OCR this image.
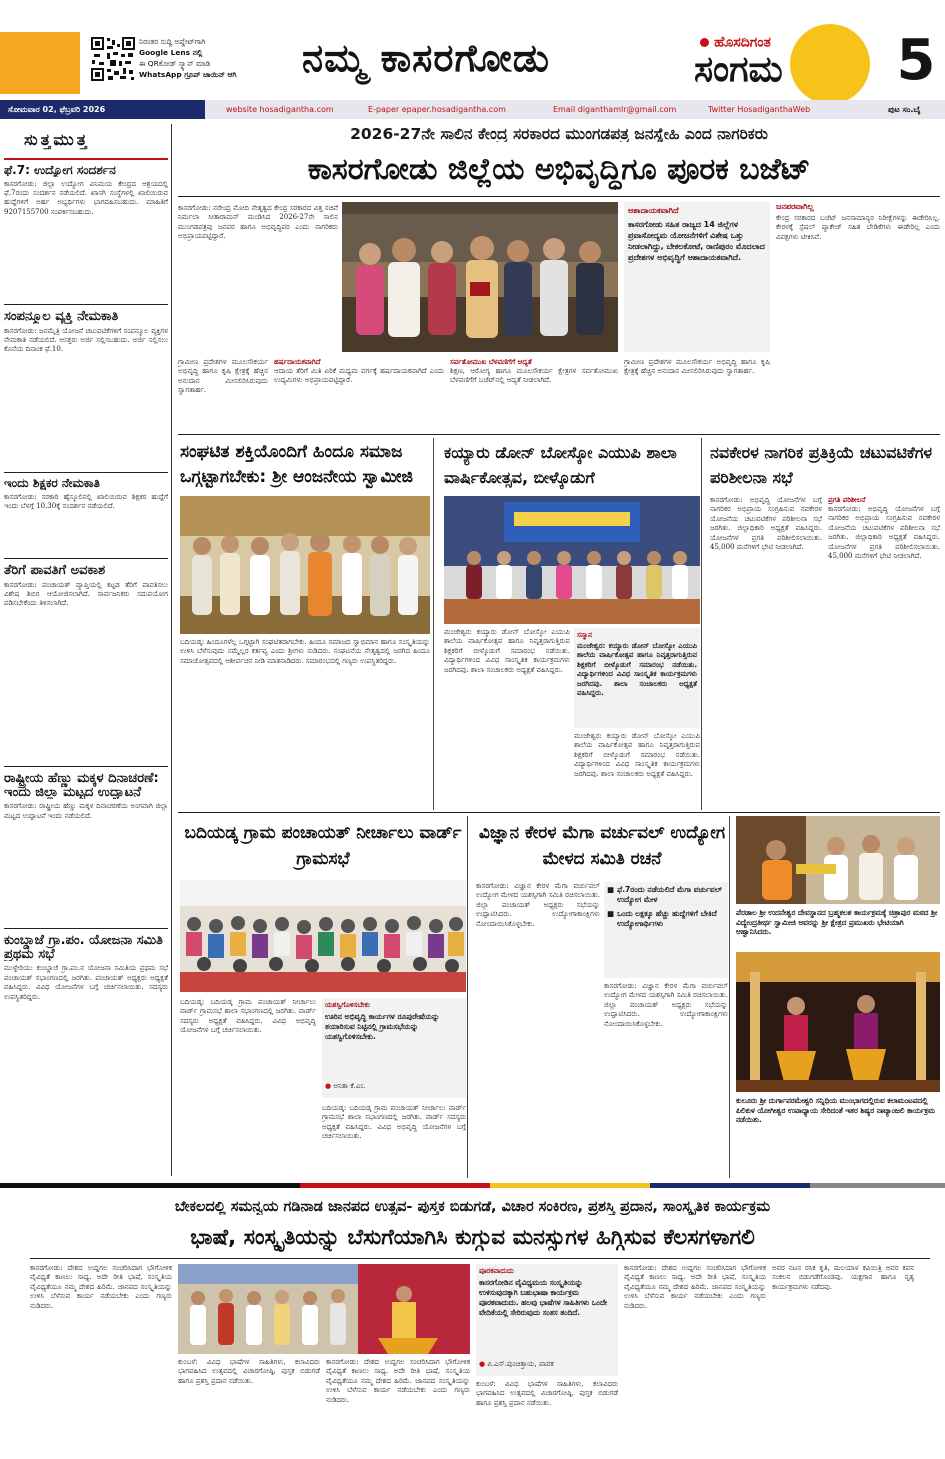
ನಿರಂತರ ಸುದ್ದಿ ಅಪ್ಡೇಟ್‌ಗಾಗಿ
Google Lens ನಲ್ಲಿ
ಈ QR‌ಕೋಡ್ ಸ್ಕ್ಯಾನ್ ಮಾಡಿ
WhatsApp ಗ್ರೂಪ್ ಜಾಯಿನ್ ಆಗಿ	ನಮ್ಮ ಕಾಸರಗೋಡು	ಹೊಸದಿಗಂತ
ಸಂಗಮ 5
ಸೋಮವಾರ 02, ಫೆಬ್ರವರಿ 2026	website hosadigantha.com	E-paper epaper.hosadigantha.com	Email diganthamlr@gmail.com	Twitter HosadiganthaWeb	ಪುಟ ಸಂ.ಬೈ
ಸುತ್ತಮುತ್ತ
ಫೆ.7: ಉದ್ಯೋಗ ಸಂದರ್ಶನ
ಕಾಸರಗೋಡು: ಜಿಲ್ಲಾ ಉದ್ಯೋಗ ವಿನಿಮಯ ಕೇಂದ್ರದ ಆಶ್ರಯದಲ್ಲಿ ಫೆ.7ರಂದು ಸಂದರ್ಶನ ನಡೆಯಲಿದೆ. ಖಾಸಗಿ ಸಂಸ್ಥೆಗಳಲ್ಲಿ ಖಾಲಿಯಿರುವ ಹುದ್ದೆಗಳಿಗೆ ಅರ್ಹ ಅಭ್ಯರ್ಥಿಗಳು ಭಾಗವಹಿಸಬಹುದು. ಮಾಹಿತಿಗೆ 9207155700 ಸಂಪರ್ಕಿಸಬಹುದು.
ಸಂಪನ್ಮೂಲ ವ್ಯಕ್ತಿ ನೇಮಕಾತಿ
ಕಾಸರಗೋಡು: ಜನಮೈತ್ರಿ ಯೋಜನೆ ಚಟುವಟಿಕೆಗಳಿಗೆ ಸಂಪನ್ಮೂಲ ವ್ಯಕ್ತಿಗಳ ನೇಮಕಾತಿ ನಡೆಯಲಿದೆ. ಆಸಕ್ತರು ಅರ್ಜಿ ಸಲ್ಲಿಸಬಹುದು. ಅರ್ಜಿ ಸಲ್ಲಿಸಲು ಕೊನೆಯ ದಿನಾಂಕ ಫೆ.10.
ಇಂದು ಶಿಕ್ಷಕರ ನೇಮಕಾತಿ
ಕಾಸರಗೋಡು: ಸರಕಾರಿ ಹೈಸ್ಕೂಲಿನಲ್ಲಿ ಖಾಲಿಯಿರುವ ಶಿಕ್ಷಕರ ಹುದ್ದೆಗೆ ಇಂದು ಬೆಳಗ್ಗೆ 10.30ಕ್ಕೆ ಸಂದರ್ಶನ ನಡೆಯಲಿದೆ.
ತೆರಿಗೆ ಪಾವತಿಗೆ ಅವಕಾಶ
ಕಾಸರಗೋಡು: ಪಂಚಾಯತ್ ವ್ಯಾಪ್ತಿಯಲ್ಲಿ ಕಟ್ಟಡ ತೆರಿಗೆ ಪಾವತಿಸಲು ವಿಶೇಷ ಶಿಬಿರ ಆಯೋಜಿಸಲಾಗಿದೆ. ಸಾರ್ವಜನಿಕರು ಸದುಪಯೋಗ ಪಡಿಸಬೇಕೆಂದು ತಿಳಿಸಲಾಗಿದೆ.
ರಾಷ್ಟ್ರೀಯ ಹೆಣ್ಣು ಮಕ್ಕಳ ದಿನಾಚರಣೆ: ಇಂದು ಜಿಲ್ಲಾ ಮಟ್ಟದ ಉದ್ಘಾಟನೆ
ಕಾಸರಗೋಡು: ರಾಷ್ಟ್ರೀಯ ಹೆಣ್ಣು ಮಕ್ಕಳ ದಿನಾಚರಣೆಯ ಅಂಗವಾಗಿ ಜಿಲ್ಲಾ ಮಟ್ಟದ ಉದ್ಘಾಟನೆ ಇಂದು ನಡೆಯಲಿದೆ.
ಕುಂಬ್ಡಾಜೆ ಗ್ರಾ.ಪಂ. ಯೋಜನಾ ಸಮಿತಿ ಪ್ರಥಮ ಸಭೆ
ಮುಳ್ಳೇರಿಯ: ಕುಂಬ್ಡಾಜೆ ಗ್ರಾ.ಪಂ.ನ ಯೋಜನಾ ಸಮಿತಿಯ ಪ್ರಥಮ ಸಭೆ ಪಂಚಾಯತ್ ಸಭಾಂಗಣದಲ್ಲಿ ಜರಗಿತು. ಪಂಚಾಯತ್ ಅಧ್ಯಕ್ಷರು ಅಧ್ಯಕ್ಷತೆ ವಹಿಸಿದ್ದರು. ವಿವಿಧ ಯೋಜನೆಗಳ ಬಗ್ಗೆ ಚರ್ಚಿಸಲಾಯಿತು. ಸದಸ್ಯರು ಉಪಸ್ಥಿತರಿದ್ದರು.
2026-27ನೇ ಸಾಲಿನ ಕೇಂದ್ರ ಸರಕಾರದ ಮುಂಗಡಪತ್ರ ಜನಸ್ನೇಹಿ ಎಂದ ನಾಗರಿಕರು
ಕಾಸರಗೋಡು ಜಿಲ್ಲೆಯ ಅಭಿವೃದ್ಧಿಗೂ ಪೂರಕ ಬಜೆಟ್
ಕಾಸರಗೋಡು: ನರೇಂದ್ರ ಮೋದಿ ನೇತೃತ್ವದ ಕೇಂದ್ರ ಸರಕಾರದ ವಿತ್ತ ಸಚಿವೆ ನಿರ್ಮಲಾ ಸೀತಾರಾಮನ್ ಮಂಡಿಸಿದ 2026-27ನೇ ಸಾಲಿನ ಮುಂಗಡಪತ್ರವು ಜನಪರ ಹಾಗೂ ಅಭಿವೃದ್ಧಿಪರ ಎಂದು ನಾಗರಿಕರು ಅಭಿಪ್ರಾಯಪಟ್ಟಿದ್ದಾರೆ.
ಆಶಾದಾಯಕವಾಗಿದೆ
ಕಾಸರಗೋಡು ಸಹಿತ ರಾಜ್ಯದ 14 ಜಿಲ್ಲೆಗಳ ಪ್ರವಾಸೋದ್ಯಮ ಯೋಜನೆಗಳಿಗೆ ವಿಶೇಷ ಒತ್ತು ನೀಡಲಾಗಿದ್ದು, ಬೇಕಲಕೋಟೆ, ರಾಣಿಪುರಂ ಮೊದಲಾದ ಪ್ರದೇಶಗಳ ಅಭಿವೃದ್ಧಿಗೆ ಆಶಾದಾಯಕವಾಗಿದೆ.
ಜನಪರವಾಗಿಲ್ಲ
ಕೇಂದ್ರ ಸರಕಾರದ ಬಜೆಟ್ ಜನಸಾಮಾನ್ಯರ ನಿರೀಕ್ಷೆಗಳನ್ನು ಈಡೇರಿಸಿಲ್ಲ. ಕೇರಳಕ್ಕೆ ಸ್ಪೆಷಲ್ ಪ್ಯಾಕೇಜ್ ಸಹಿತ ಬೇಡಿಕೆಗಳು ಈಡೇರಿಲ್ಲ ಎಂದು ವಿಪಕ್ಷಗಳು ಟೀಕಿಸಿವೆ.
ಗ್ರಾಮೀಣ ಪ್ರದೇಶಗಳ ಮೂಲಸೌಕರ್ಯ ಅಭಿವೃದ್ಧಿ ಹಾಗೂ ಕೃಷಿ ಕ್ಷೇತ್ರಕ್ಕೆ ಹೆಚ್ಚಿನ ಅನುದಾನ ಮೀಸಲಿರಿಸಿರುವುದು ಸ್ವಾಗತಾರ್ಹ.
ಹರ್ಷದಾಯಕವಾಗಿದೆ
ಆದಾಯ ತೆರಿಗೆ ಮಿತಿ ಏರಿಕೆ ಮಧ್ಯಮ ವರ್ಗಕ್ಕೆ ಹರ್ಷದಾಯಕವಾಗಿದೆ ಎಂದು ಉದ್ಯಮಿಗಳು ಅಭಿಪ್ರಾಯಪಟ್ಟಿದ್ದಾರೆ.
ಸರ್ವತೋಮುಖ ಬೆಳವಣಿಗೆಗೆ ಆದ್ಯತೆ
ಶಿಕ್ಷಣ, ಆರೋಗ್ಯ ಹಾಗೂ ಮೂಲಸೌಕರ್ಯ ಕ್ಷೇತ್ರಗಳ ಸರ್ವತೋಮುಖ ಬೆಳವಣಿಗೆಗೆ ಬಜೆಟ್‌ನಲ್ಲಿ ಆದ್ಯತೆ ನೀಡಲಾಗಿದೆ.
ಗ್ರಾಮೀಣ ಪ್ರದೇಶಗಳ ಮೂಲಸೌಕರ್ಯ ಅಭಿವೃದ್ಧಿ ಹಾಗೂ ಕೃಷಿ ಕ್ಷೇತ್ರಕ್ಕೆ ಹೆಚ್ಚಿನ ಅನುದಾನ ಮೀಸಲಿರಿಸಿರುವುದು ಸ್ವಾಗತಾರ್ಹ.
ಸಂಘಟಿತ ಶಕ್ತಿಯೊಂದಿಗೆ ಹಿಂದೂ ಸಮಾಜ ಒಗ್ಗಟ್ಟಾಗಬೇಕು: ಶ್ರೀ ಆಂಜನೇಯ ಸ್ವಾಮೀಜಿ
ಬದಿಯಡ್ಕ: ಹಿಂದೂಗಳೆಲ್ಲ ಒಗ್ಗಟ್ಟಾಗಿ ಸಂಘಟಿತರಾಗಬೇಕು. ಹಿಂದೂ ಸಮಾಜದ ಸ್ವಾಭಿಮಾನ ಹಾಗೂ ಸಂಸ್ಕೃತಿಯನ್ನು ಉಳಿಸಿ ಬೆಳೆಸುವುದು ನಮ್ಮೆಲ್ಲರ ಕರ್ತವ್ಯ ಎಂದು ಶ್ರೀಗಳು ನುಡಿದರು. ಸಂಘಟನೆಯ ನೇತೃತ್ವದಲ್ಲಿ ಜರಗಿದ ಹಿಂದೂ ಸಮಾಜೋತ್ಸವದಲ್ಲಿ ಆಶೀರ್ವಚನ ನೀಡಿ ಮಾತನಾಡಿದರು. ಸಮಾರಂಭದಲ್ಲಿ ಗಣ್ಯರು ಉಪಸ್ಥಿತರಿದ್ದರು.
ಕಯ್ಯಾರು ಡೋನ್ ಬೋಸ್ಕೋ ಎಯುಪಿ ಶಾಲಾ ವಾರ್ಷಿಕೋತ್ಸವ, ಬೀಳ್ಕೊಡುಗೆ
ಮಂಜೇಶ್ವರ: ಕಯ್ಯಾರು ಡೋನ್ ಬೋಸ್ಕೋ ಎಯುಪಿ ಶಾಲೆಯ ವಾರ್ಷಿಕೋತ್ಸವ ಹಾಗೂ ನಿವೃತ್ತರಾಗುತ್ತಿರುವ ಶಿಕ್ಷಕರಿಗೆ ಬೀಳ್ಕೊಡುಗೆ ಸಮಾರಂಭ ನಡೆಯಿತು. ವಿದ್ಯಾರ್ಥಿಗಳಿಂದ ವಿವಿಧ ಸಾಂಸ್ಕೃತಿಕ ಕಾರ್ಯಕ್ರಮಗಳು ಜರಗಿದವು. ಶಾಲಾ ಸಂಚಾಲಕರು ಅಧ್ಯಕ್ಷತೆ ವಹಿಸಿದ್ದರು.
ಸನ್ಮಾನ
ಮಂಜೇಶ್ವರ: ಕಯ್ಯಾರು ಡೋನ್ ಬೋಸ್ಕೋ ಎಯುಪಿ ಶಾಲೆಯ ವಾರ್ಷಿಕೋತ್ಸವ ಹಾಗೂ ನಿವೃತ್ತರಾಗುತ್ತಿರುವ ಶಿಕ್ಷಕರಿಗೆ ಬೀಳ್ಕೊಡುಗೆ ಸಮಾರಂಭ ನಡೆಯಿತು. ವಿದ್ಯಾರ್ಥಿಗಳಿಂದ ವಿವಿಧ ಸಾಂಸ್ಕೃತಿಕ ಕಾರ್ಯಕ್ರಮಗಳು ಜರಗಿದವು. ಶಾಲಾ ಸಂಚಾಲಕರು ಅಧ್ಯಕ್ಷತೆ ವಹಿಸಿದ್ದರು.
ಮಂಜೇಶ್ವರ: ಕಯ್ಯಾರು ಡೋನ್ ಬೋಸ್ಕೋ ಎಯುಪಿ ಶಾಲೆಯ ವಾರ್ಷಿಕೋತ್ಸವ ಹಾಗೂ ನಿವೃತ್ತರಾಗುತ್ತಿರುವ ಶಿಕ್ಷಕರಿಗೆ ಬೀಳ್ಕೊಡುಗೆ ಸಮಾರಂಭ ನಡೆಯಿತು. ವಿದ್ಯಾರ್ಥಿಗಳಿಂದ ವಿವಿಧ ಸಾಂಸ್ಕೃತಿಕ ಕಾರ್ಯಕ್ರಮಗಳು ಜರಗಿದವು. ಶಾಲಾ ಸಂಚಾಲಕರು ಅಧ್ಯಕ್ಷತೆ ವಹಿಸಿದ್ದರು.
ನವಕೇರಳ ನಾಗರಿಕ ಪ್ರತಿಕ್ರಿಯೆ ಚಟುವಟಿಕೆಗಳ ಪರಿಶೀಲನಾ ಸಭೆ
ಕಾಸರಗೋಡು: ಅಭಿವೃದ್ಧಿ ಯೋಜನೆಗಳ ಬಗ್ಗೆ ನಾಗರಿಕರ ಅಭಿಪ್ರಾಯ ಸಂಗ್ರಹಿಸುವ ನವಕೇರಳ ಯೋಜನೆಯ ಚಟುವಟಿಕೆಗಳ ಪರಿಶೀಲನಾ ಸಭೆ ಜರಗಿತು. ಜಿಲ್ಲಾಧಿಕಾರಿ ಅಧ್ಯಕ್ಷತೆ ವಹಿಸಿದ್ದರು. ಯೋಜನೆಗಳ ಪ್ರಗತಿ ಪರಿಶೀಲಿಸಲಾಯಿತು. 45,000 ಮನೆಗಳಿಗೆ ಭೇಟಿ ನೀಡಲಾಗಿದೆ.
ಪ್ರಗತಿ ಪರಿಶೀಲನೆ
ಕಾಸರಗೋಡು: ಅಭಿವೃದ್ಧಿ ಯೋಜನೆಗಳ ಬಗ್ಗೆ ನಾಗರಿಕರ ಅಭಿಪ್ರಾಯ ಸಂಗ್ರಹಿಸುವ ನವಕೇರಳ ಯೋಜನೆಯ ಚಟುವಟಿಕೆಗಳ ಪರಿಶೀಲನಾ ಸಭೆ ಜರಗಿತು. ಜಿಲ್ಲಾಧಿಕಾರಿ ಅಧ್ಯಕ್ಷತೆ ವಹಿಸಿದ್ದರು. ಯೋಜನೆಗಳ ಪ್ರಗತಿ ಪರಿಶೀಲಿಸಲಾಯಿತು. 45,000 ಮನೆಗಳಿಗೆ ಭೇಟಿ ನೀಡಲಾಗಿದೆ.
ಬದಿಯಡ್ಕ ಗ್ರಾಮ ಪಂಚಾಯತ್ ನೀರ್ಚಾಲು ವಾರ್ಡ್ ಗ್ರಾಮಸಭೆ
ಬದಿಯಡ್ಕ: ಬದಿಯಡ್ಕ ಗ್ರಾಮ ಪಂಚಾಯತ್ ನೀರ್ಚಾಲು ವಾರ್ಡ್ ಗ್ರಾಮಸಭೆ ಶಾಲಾ ಸಭಾಂಗಣದಲ್ಲಿ ಜರಗಿತು. ವಾರ್ಡ್ ಸದಸ್ಯರು ಅಧ್ಯಕ್ಷತೆ ವಹಿಸಿದ್ದರು. ವಿವಿಧ ಅಭಿವೃದ್ಧಿ ಯೋಜನೆಗಳ ಬಗ್ಗೆ ಚರ್ಚಿಸಲಾಯಿತು.
ಯಶಸ್ವಿಗೊಳಿಸಬೇಕು
ಊರಿನ ಅಭಿವೃದ್ಧಿ ಕಾರ್ಯಗಳ ರೂಪುರೇಷೆಯನ್ನು ತಯಾರಿಸುವ ನಿಟ್ಟಿನಲ್ಲಿ ಗ್ರಾಮಸಭೆಯನ್ನು ಯಶಸ್ವಿಗೊಳಿಸಬೇಕು.
● ಅನಿತಾ ಕೆ.ಎಂ.
ಬದಿಯಡ್ಕ: ಬದಿಯಡ್ಕ ಗ್ರಾಮ ಪಂಚಾಯತ್ ನೀರ್ಚಾಲು ವಾರ್ಡ್ ಗ್ರಾಮಸಭೆ ಶಾಲಾ ಸಭಾಂಗಣದಲ್ಲಿ ಜರಗಿತು. ವಾರ್ಡ್ ಸದಸ್ಯರು ಅಧ್ಯಕ್ಷತೆ ವಹಿಸಿದ್ದರು. ವಿವಿಧ ಅಭಿವೃದ್ಧಿ ಯೋಜನೆಗಳ ಬಗ್ಗೆ ಚರ್ಚಿಸಲಾಯಿತು.
ವಿಜ್ಞಾನ ಕೇರಳ ಮೆಗಾ ವರ್ಚುವಲ್ ಉದ್ಯೋಗ ಮೇಳದ ಸಮಿತಿ ರಚನೆ
ಕಾಸರಗೋಡು: ವಿಜ್ಞಾನ ಕೇರಳ ಮೆಗಾ ವರ್ಚುವಲ್ ಉದ್ಯೋಗ ಮೇಳದ ಯಶಸ್ಸಿಗಾಗಿ ಸಮಿತಿ ರಚಿಸಲಾಯಿತು. ಜಿಲ್ಲಾ ಪಂಚಾಯತ್ ಅಧ್ಯಕ್ಷರು ಸಭೆಯನ್ನು ಉದ್ಘಾಟಿಸಿದರು. ಉದ್ಯೋಗಾಕಾಂಕ್ಷಿಗಳು ನೋಂದಾಯಿಸಿಕೊಳ್ಳಬೇಕು.
■ ಫೆ.7ರಂದು ನಡೆಯಲಿದೆ ಮೆಗಾ ವರ್ಚುವಲ್ ಉದ್ಯೋಗ ಮೇಳ
■ ಒಂದು ಲಕ್ಷಕ್ಕೂ ಹೆಚ್ಚು ಹುದ್ದೆಗಳಿಗೆ ಬೇಕಿದೆ ಉದ್ಯೋಗಾರ್ಥಿಗಳು
ಕಾಸರಗೋಡು: ವಿಜ್ಞಾನ ಕೇರಳ ಮೆಗಾ ವರ್ಚುವಲ್ ಉದ್ಯೋಗ ಮೇಳದ ಯಶಸ್ಸಿಗಾಗಿ ಸಮಿತಿ ರಚಿಸಲಾಯಿತು. ಜಿಲ್ಲಾ ಪಂಚಾಯತ್ ಅಧ್ಯಕ್ಷರು ಸಭೆಯನ್ನು ಉದ್ಘಾಟಿಸಿದರು. ಉದ್ಯೋಗಾಕಾಂಕ್ಷಿಗಳು ನೋಂದಾಯಿಸಿಕೊಳ್ಳಬೇಕು.
ಪೆರಡಾಲ ಶ್ರೀ ಉದನೇಶ್ವರ ದೇವಸ್ಥಾನದ ಬ್ರಹ್ಮಕಲಶ ಕಾರ್ಯಕ್ರಮಕ್ಕೆ ಚಿತ್ರಾಪುರ ಮಠದ ಶ್ರೀ ವಿದ್ಯೇಂದ್ರತೀರ್ಥ ಸ್ವಾಮೀಜಿ ಅವರನ್ನು ಶ್ರೀ ಕ್ಷೇತ್ರದ ಪ್ರಮುಖರು ಭೇಟಿಯಾಗಿ ಆಹ್ವಾನಿಸಿದರು.
ಕುಲೂರು ಶ್ರೀ ದುರ್ಗಾಪರಮೇಶ್ವರಿ ಸನ್ನಿಧಿಯ ಮುಂಭಾಗದಲ್ಲಿರುವ ಕಲಾಮಂಟಪದಲ್ಲಿ ಪಿಲಿಕುಳ ಯೋಗೀಶ್ವರ ಉಪಾಧ್ಯಾಯ ಸೇರಿದಂತೆ ಇತರ ಶಿಷ್ಯರ ನಾಟ್ಯಾಂಜಲಿ ಕಾರ್ಯಕ್ರಮ ನಡೆಯಿತು.
ಬೇಕಲದಲ್ಲಿ ಸಮನ್ವಯ ಗಡಿನಾಡ ಜಾನಪದ ಉತ್ಸವ- ಪುಸ್ತಕ ಬಿಡುಗಡೆ, ವಿಚಾರ ಸಂಕಿರಣ, ಪ್ರಶಸ್ತಿ ಪ್ರದಾನ, ಸಾಂಸ್ಕೃತಿಕ ಕಾರ್ಯಕ್ರಮ
ಭಾಷೆ, ಸಂಸ್ಕೃತಿಯನ್ನು ಬೆಸುಗೆಯಾಗಿಸಿ ಕುಗ್ಗುವ ಮನಸ್ಸುಗಳ ಹಿಗ್ಗಿಸುವ ಕೆಲಸಗಳಾಗಲಿ
ಕಾಸರಗೋಡು: ದೇಶದ ಉದ್ದಗಲ ಸಂಚರಿಸಿದಾಗ ಭೌಗೋಳಿಕ ವೈವಿಧ್ಯತೆ ಕಾಣಲು ಸಾಧ್ಯ. ಅದೇ ರೀತಿ ಭಾಷೆ, ಸಂಸ್ಕೃತಿಯ ವೈವಿಧ್ಯತೆಯೂ ನಮ್ಮ ದೇಶದ ಹಿರಿಮೆ. ಜಾನಪದ ಸಂಸ್ಕೃತಿಯನ್ನು ಉಳಿಸಿ ಬೆಳೆಸುವ ಕಾರ್ಯ ನಡೆಯಬೇಕು ಎಂದು ಗಣ್ಯರು ನುಡಿದರು.
ಕುಂಬಳೆ: ವಿವಿಧ ಭಾಷೆಗಳ ಸಾಹಿತಿಗಳು, ಕಲಾವಿದರು ಭಾಗವಹಿಸಿದ ಉತ್ಸವದಲ್ಲಿ ವಿಚಾರಗೋಷ್ಠಿ, ಪುಸ್ತಕ ಬಿಡುಗಡೆ ಹಾಗೂ ಪ್ರಶಸ್ತಿ ಪ್ರದಾನ ನಡೆಯಿತು.
ಕಾಸರಗೋಡು: ದೇಶದ ಉದ್ದಗಲ ಸಂಚರಿಸಿದಾಗ ಭೌಗೋಳಿಕ ವೈವಿಧ್ಯತೆ ಕಾಣಲು ಸಾಧ್ಯ. ಅದೇ ರೀತಿ ಭಾಷೆ, ಸಂಸ್ಕೃತಿಯ ವೈವಿಧ್ಯತೆಯೂ ನಮ್ಮ ದೇಶದ ಹಿರಿಮೆ. ಜಾನಪದ ಸಂಸ್ಕೃತಿಯನ್ನು ಉಳಿಸಿ ಬೆಳೆಸುವ ಕಾರ್ಯ ನಡೆಯಬೇಕು ಎಂದು ಗಣ್ಯರು ನುಡಿದರು.
ಪೂರಕವಾದುದು
ಕಾಸರಗೋಡಿನ ವೈವಿಧ್ಯಮಯ ಸಂಸ್ಕೃತಿಯನ್ನು ಉಳಿಸುವುದಕ್ಕಾಗಿ ಬಹುಭಾಷಾ ಕಾರ್ಯಕ್ರಮ ಪೂರಕವಾದುದು. ಹಲವು ಭಾಷೆಗಳ ಸಾಹಿತಿಗಳು ಒಂದೇ ವೇದಿಕೆಯಲ್ಲಿ ಸೇರಿರುವುದು ಸಂತಸ ತಂದಿದೆ.
● ಪಿ.ಎಸ್.ಪುಂಚಿತ್ತಾಯ, ಪಾವಕ
ಕುಂಬಳೆ: ವಿವಿಧ ಭಾಷೆಗಳ ಸಾಹಿತಿಗಳು, ಕಲಾವಿದರು ಭಾಗವಹಿಸಿದ ಉತ್ಸವದಲ್ಲಿ ವಿಚಾರಗೋಷ್ಠಿ, ಪುಸ್ತಕ ಬಿಡುಗಡೆ ಹಾಗೂ ಪ್ರಶಸ್ತಿ ಪ್ರದಾನ ನಡೆಯಿತು.
ಕಾಸರಗೋಡು: ದೇಶದ ಉದ್ದಗಲ ಸಂಚರಿಸಿದಾಗ ಭೌಗೋಳಿಕ ವೈವಿಧ್ಯತೆ ಕಾಣಲು ಸಾಧ್ಯ. ಅದೇ ರೀತಿ ಭಾಷೆ, ಸಂಸ್ಕೃತಿಯ ವೈವಿಧ್ಯತೆಯೂ ನಮ್ಮ ದೇಶದ ಹಿರಿಮೆ. ಜಾನಪದ ಸಂಸ್ಕೃತಿಯನ್ನು ಉಳಿಸಿ ಬೆಳೆಸುವ ಕಾರ್ಯ ನಡೆಯಬೇಕು ಎಂದು ಗಣ್ಯರು ನುಡಿದರು.
ಅವರ ನಟನ ರಸಿಕ ಕೃತಿ, ಮಲಯಾಳ ಕವಿಯಿತ್ರಿ ಅವರ ಕವನ ಸಂಕಲನ ಬಿಡುಗಡೆಗೊಂಡವು. ಯಕ್ಷಗಾನ ಹಾಗೂ ನೃತ್ಯ ಕಾರ್ಯಕ್ರಮಗಳು ನಡೆದವು.
